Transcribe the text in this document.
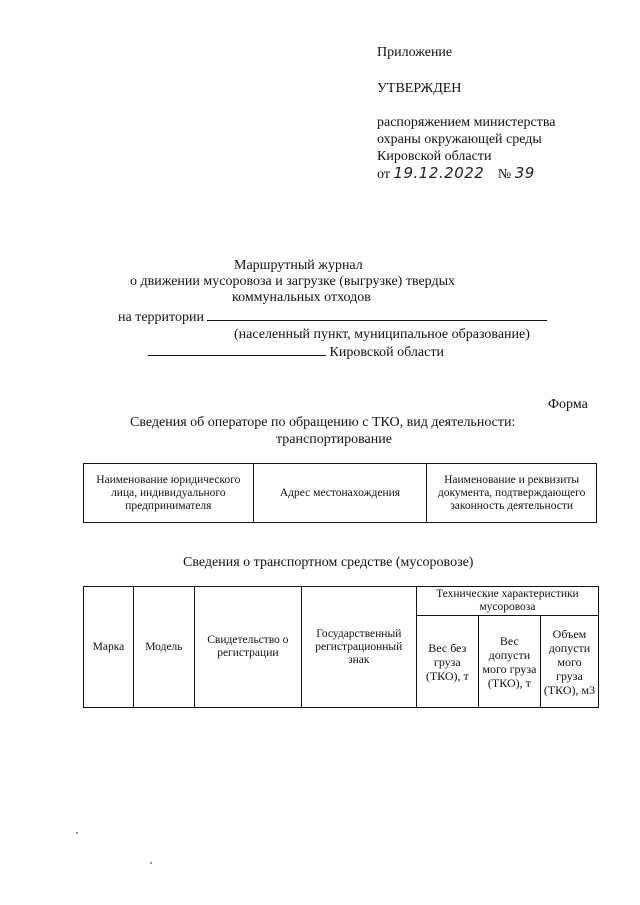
Приложение
УТВЕРЖДЕН
распоряжением министерства
охраны окружающей среды
Кировской области
от 19.12.2022 № 39
Маршрутный журнал
о движении мусоровоза и загрузке (выгрузке) твердых
коммунальных отходов
на территории
(населенный пункт, муниципальное образование)
Кировской области
Форма
Сведения об операторе по обращению с ТКО, вид деятельности:
транспортирование
Наименование юридического лица, индивидуального предпринимателя	Адрес местонахождения	Наименование и реквизиты документа, подтверждающего законность деятельности
Сведения о транспортном средстве (мусоровозе)
Марка	Модель	Свидетельство о регистрации	Государственный регистрационный знак	Технические характеристики мусоровоза		
				Вес без груза (ТКО), т	Вес допусти мого груза (ТКО), т	Объем допусти мого груза (ТКО), м3
